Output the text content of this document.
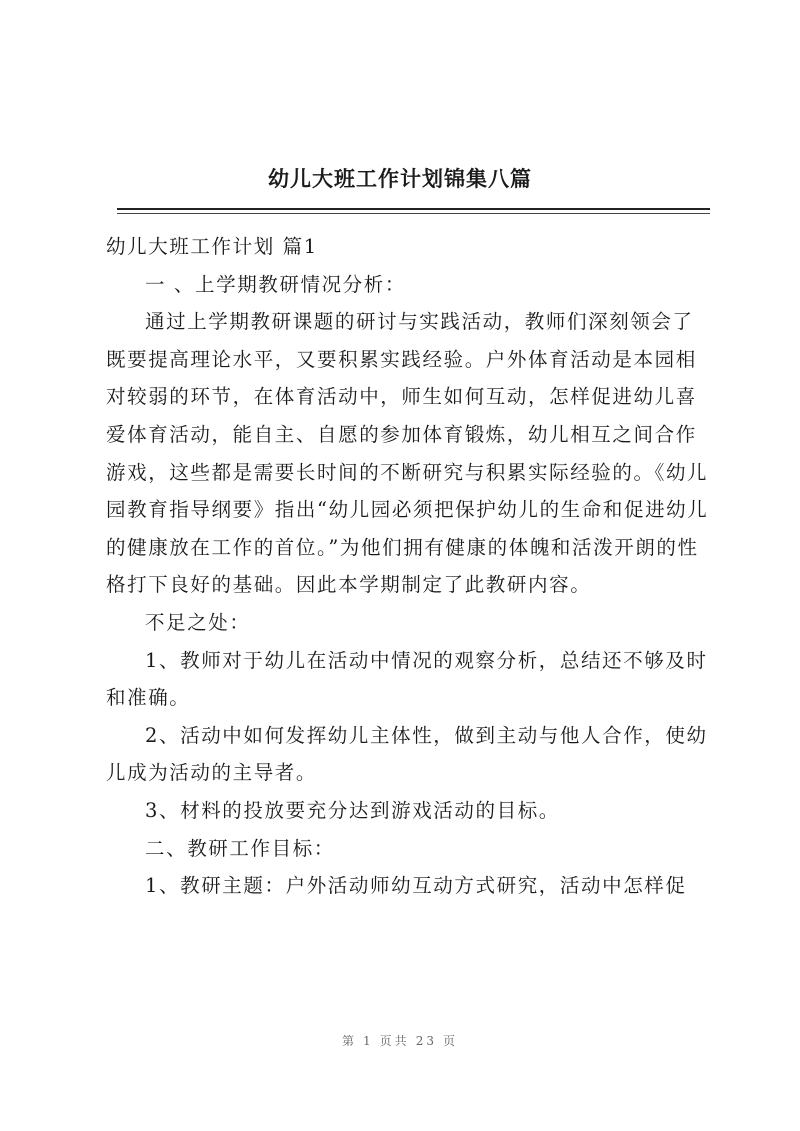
幼儿大班工作计划锦集八篇

幼儿大班工作计划 篇1

一 、上学期教研情况分析：

通过上学期教研课题的研讨与实践活动，教师们深刻领会了既要提高理论水平，又要积累实践经验。户外体育活动是本园相对较弱的环节，在体育活动中，师生如何互动，怎样促进幼儿喜爱体育活动，能自主、自愿的参加体育锻炼，幼儿相互之间合作游戏，这些都是需要长时间的不断研究与积累实际经验的。《幼儿园教育指导纲要》指出“幼儿园必须把保护幼儿的生命和促进幼儿的健康放在工作的首位。”为他们拥有健康的体魄和活泼开朗的性格打下良好的基础。因此本学期制定了此教研内容。

不足之处：

1、教师对于幼儿在活动中情况的观察分析，总结还不够及时和准确。

2、活动中如何发挥幼儿主体性，做到主动与他人合作，使幼儿成为活动的主导者。

3、材料的投放要充分达到游戏活动的目标。

二、教研工作目标：

1、教研主题：户外活动师幼互动方式研究，活动中怎样促

第 1 页共 23 页
